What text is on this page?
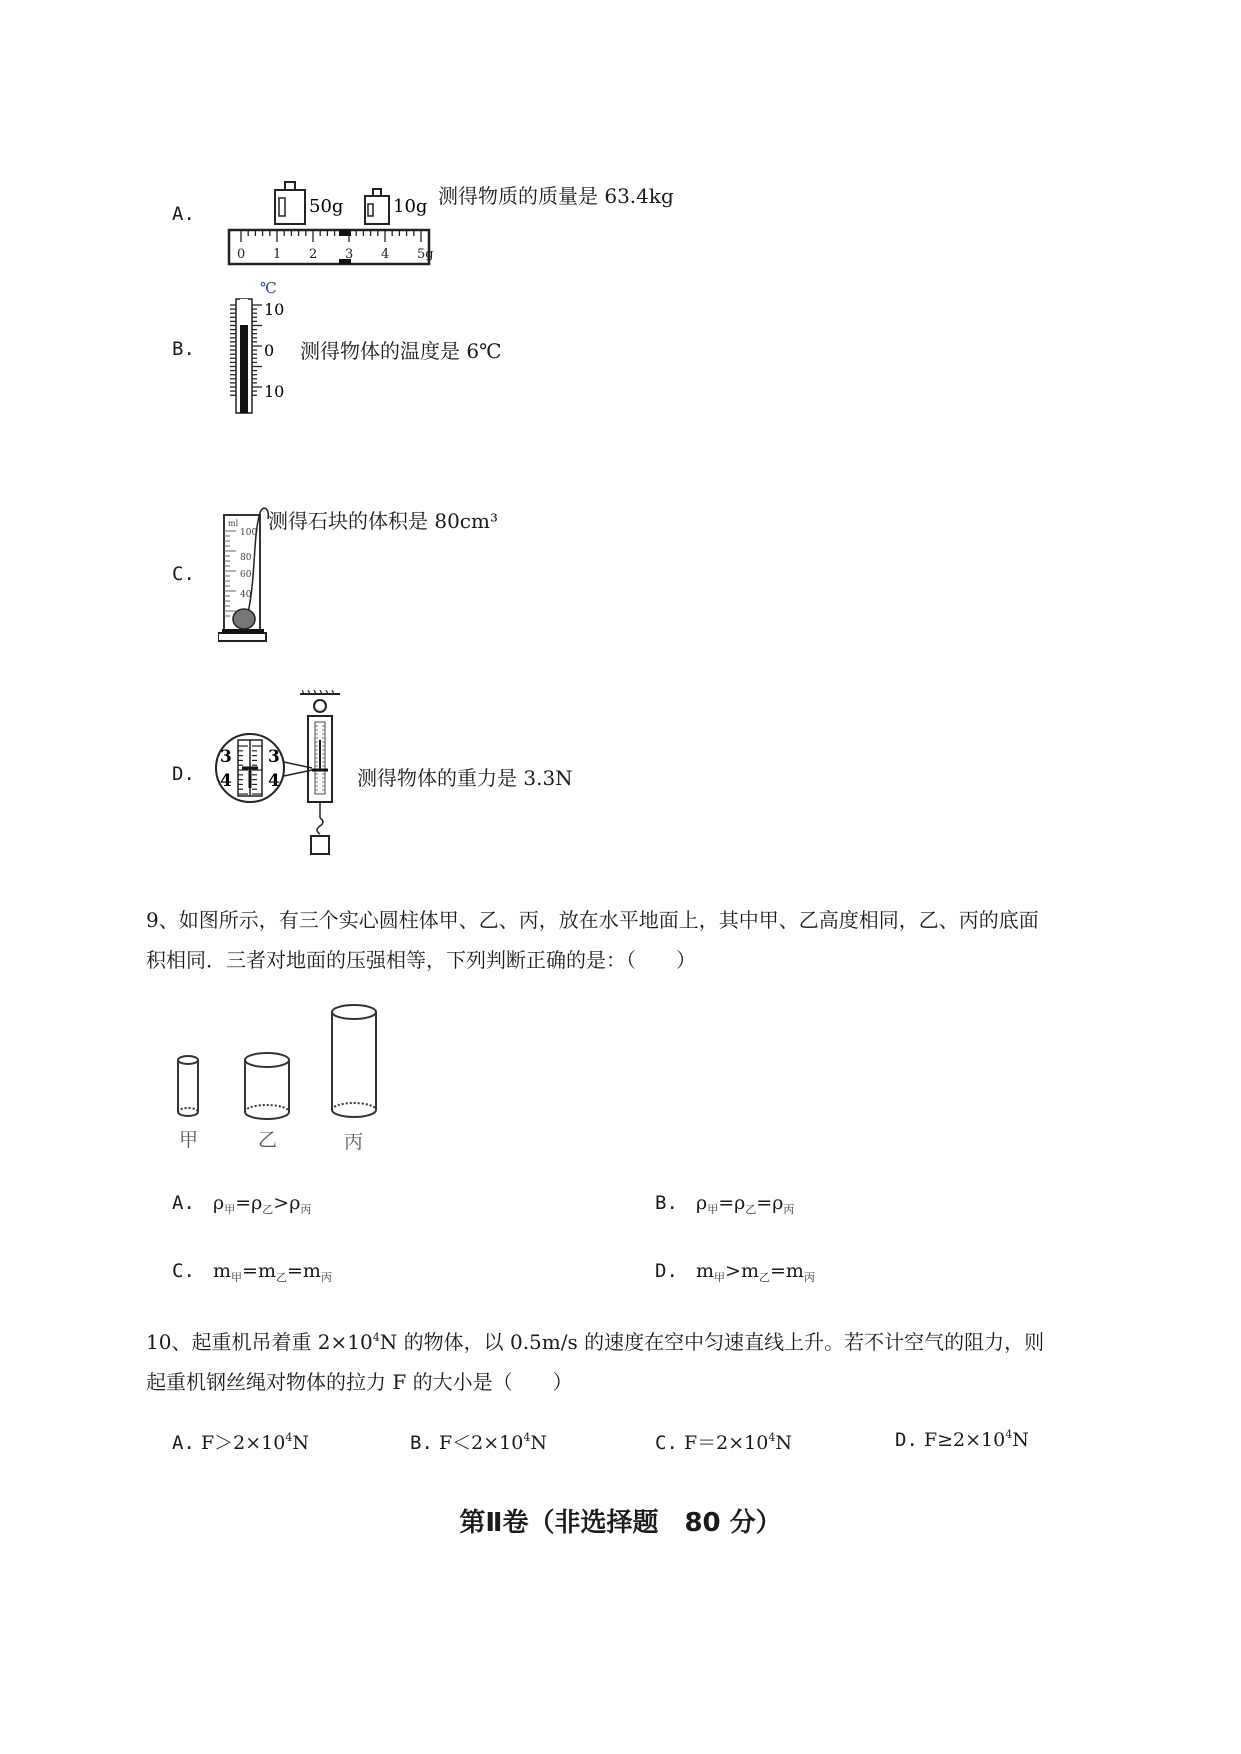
A.	50g	10g
0 1 2 3 4 5g
测得物质的质量是 63.4kg
B.
℃
10
0
10
测得物体的温度是 6℃
C.
ml
100
80
60
40
测得石块的体积是 80cm³
D.
3
4
3
4	测得物体的重力是 3.3N
9、如图所示，有三个实心圆柱体甲、乙、丙，放在水平地面上，其中甲、乙高度相同，乙、丙的底面
积相同．三者对地面的压强相等，下列判断正确的是：（　　）
甲	乙	丙
A. $\rho_甲=\rho_乙>\rho_丙$	B. $\rho_甲=\rho_乙=\rho_丙$
C. $m_甲=m_乙=m_丙$	D. $m_甲>m_乙=m_丙$
10、起重机吊着重 $2\times 10^4N$ 的物体，以 0.5m/s 的速度在空中匀速直线上升。若不计空气的阻力，则
起重机钢丝绳对物体的拉力 F 的大小是（　　）
A. $F>2\times 10^4N$	B. $F<2\times 10^4N$	C. $F=2\times 10^4N$	D. $F\ge 2\times 10^4N$
第Ⅱ卷（非选择题　80 分）
